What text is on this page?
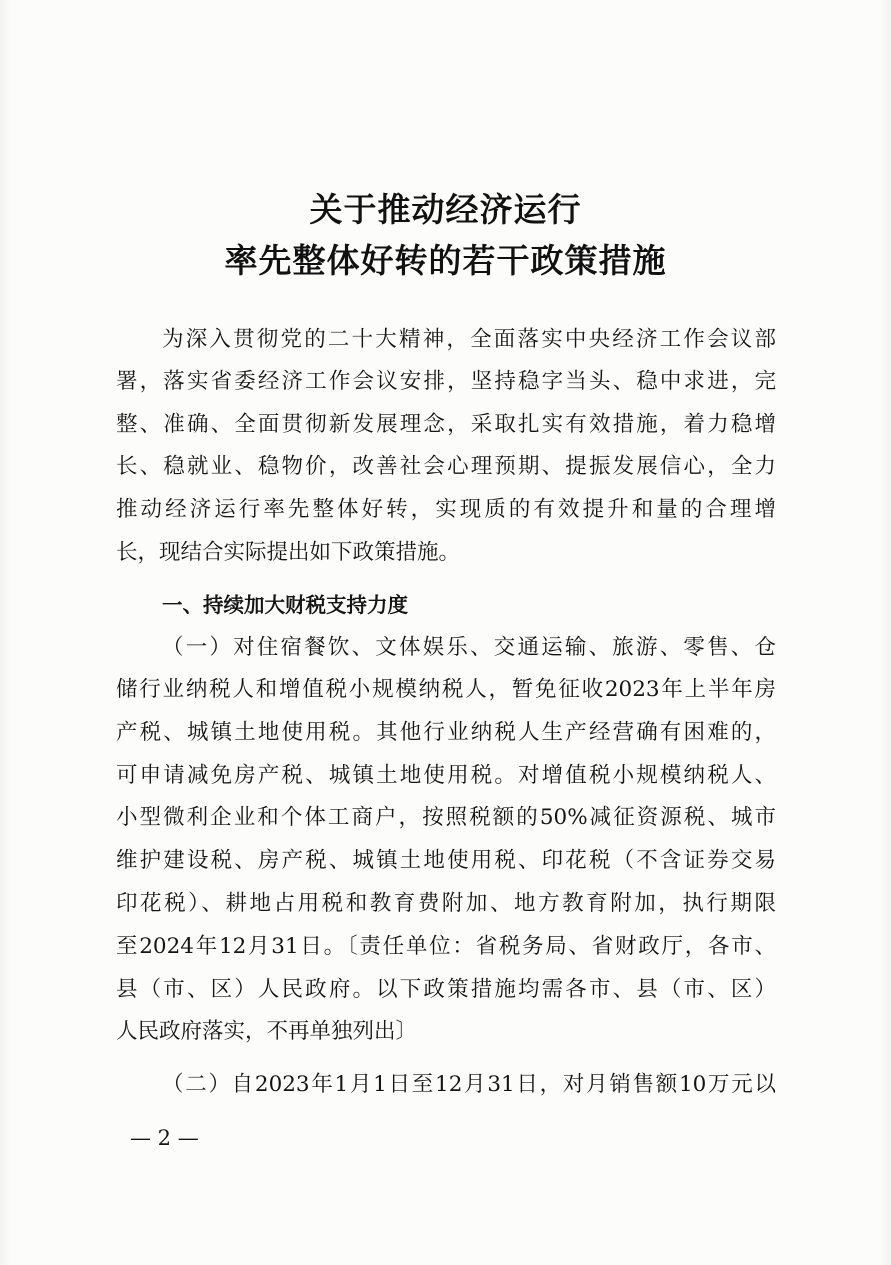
关于推动经济运行
率先整体好转的若干政策措施
为深入贯彻党的二十大精神，全面落实中央经济工作会议部
署，落实省委经济工作会议安排，坚持稳字当头、稳中求进，完
整、准确、全面贯彻新发展理念，采取扎实有效措施，着力稳增
长、稳就业、稳物价，改善社会心理预期、提振发展信心，全力
推动经济运行率先整体好转，实现质的有效提升和量的合理增
长，现结合实际提出如下政策措施。
一、持续加大财税支持力度
（一）对住宿餐饮、文体娱乐、交通运输、旅游、零售、仓
储行业纳税人和增值税小规模纳税人，暂免征收2023年上半年房
产税、城镇土地使用税。其他行业纳税人生产经营确有困难的，
可申请减免房产税、城镇土地使用税。对增值税小规模纳税人、
小型微利企业和个体工商户，按照税额的50%减征资源税、城市
维护建设税、房产税、城镇土地使用税、印花税（不含证券交易
印花税）、耕地占用税和教育费附加、地方教育附加，执行期限
至2024年12月31日。〔责任单位：省税务局、省财政厅，各市、
县（市、区）人民政府。以下政策措施均需各市、县（市、区）
人民政府落实，不再单独列出〕
（二）自2023年1月1日至12月31日，对月销售额10万元以
— 2 —
